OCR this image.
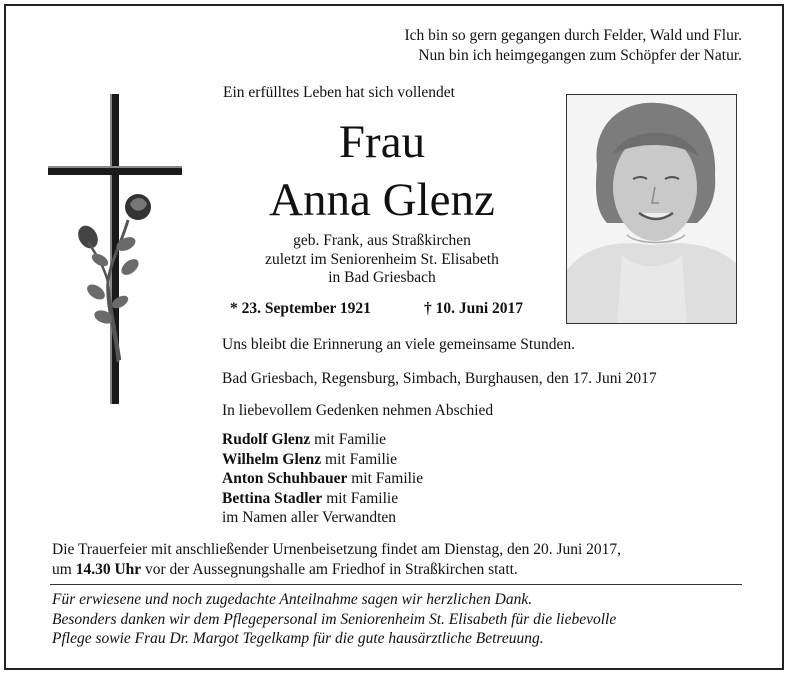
Ich bin so gern gegangen durch Felder, Wald und Flur.
Nun bin ich heimgegangen zum Schöpfer der Natur.
Ein erfülltes Leben hat sich vollendet
Frau
Anna Glenz
geb. Frank, aus Straßkirchen
zuletzt im Seniorenheim St. Elisabeth
in Bad Griesbach
* 23. September 1921	† 10. Juni 2017
Uns bleibt die Erinnerung an viele gemeinsame Stunden.
Bad Griesbach, Regensburg, Simbach, Burghausen, den 17. Juni 2017
In liebevollem Gedenken nehmen Abschied
Rudolf Glenz mit Familie
Wilhelm Glenz mit Familie
Anton Schuhbauer mit Familie
Bettina Stadler mit Familie
im Namen aller Verwandten
Die Trauerfeier mit anschließender Urnenbeisetzung findet am Dienstag, den 20. Juni 2017,
um 14.30 Uhr vor der Aussegnungshalle am Friedhof in Straßkirchen statt.
Für erwiesene und noch zugedachte Anteilnahme sagen wir herzlichen Dank.
Besonders danken wir dem Pflegepersonal im Seniorenheim St. Elisabeth für die liebevolle
Pflege sowie Frau Dr. Margot Tegelkamp für die gute hausärztliche Betreuung.
